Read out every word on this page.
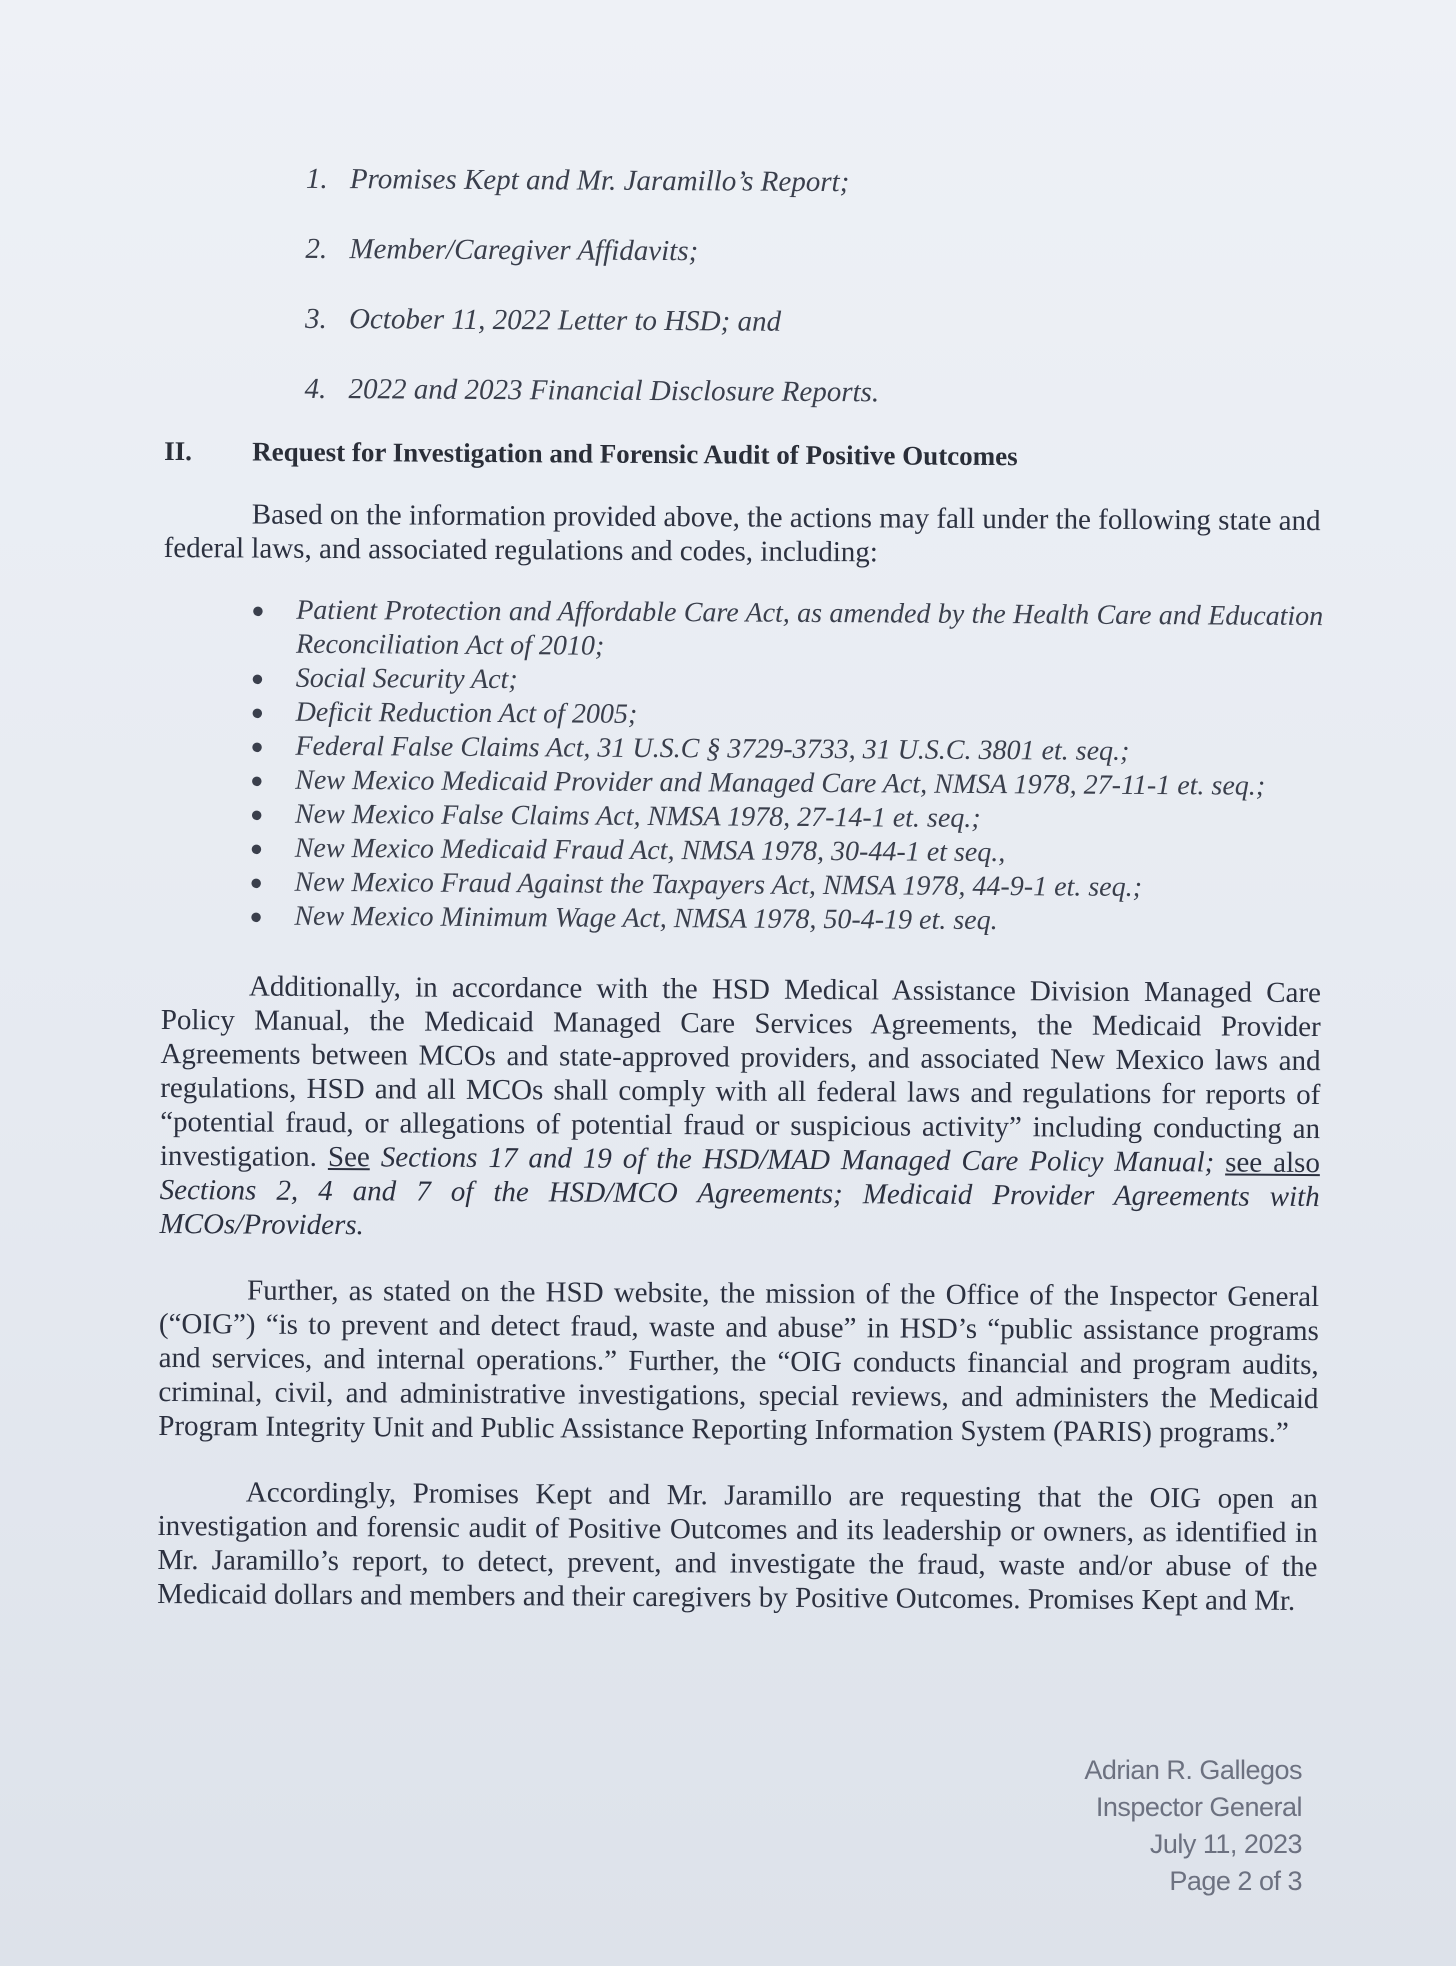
1. Promises Kept and Mr. Jaramillo’s Report;
2. Member/Caregiver Affidavits;
3. October 11, 2022 Letter to HSD; and
4. 2022 and 2023 Financial Disclosure Reports.
II.	Request for Investigation and Forensic Audit of Positive Outcomes

Based on the information provided above, the actions may fall under the following state and federal laws, and associated regulations and codes, including:

● Patient Protection and Affordable Care Act, as amended by the Health Care and Education Reconciliation Act of 2010;
● Social Security Act;
● Deficit Reduction Act of 2005;
● Federal False Claims Act, 31 U.S.C § 3729-3733, 31 U.S.C. 3801 et. seq.;
● New Mexico Medicaid Provider and Managed Care Act, NMSA 1978, 27-11-1 et. seq.;
● New Mexico False Claims Act, NMSA 1978, 27-14-1 et. seq.;
● New Mexico Medicaid Fraud Act, NMSA 1978, 30-44-1 et seq.,
● New Mexico Fraud Against the Taxpayers Act, NMSA 1978, 44-9-1 et. seq.;
● New Mexico Minimum Wage Act, NMSA 1978, 50-4-19 et. seq.

Additionally, in accordance with the HSD Medical Assistance Division Managed Care Policy Manual, the Medicaid Managed Care Services Agreements, the Medicaid Provider Agreements between MCOs and state-approved providers, and associated New Mexico laws and regulations, HSD and all MCOs shall comply with all federal laws and regulations for reports of “potential fraud, or allegations of potential fraud or suspicious activity” including conducting an investigation. See Sections 17 and 19 of the HSD/MAD Managed Care Policy Manual; see also Sections 2, 4 and 7 of the HSD/MCO Agreements; Medicaid Provider Agreements with MCOs/Providers.

Further, as stated on the HSD website, the mission of the Office of the Inspector General (“OIG”) “is to prevent and detect fraud, waste and abuse” in HSD’s “public assistance programs and services, and internal operations.” Further, the “OIG conducts financial and program audits, criminal, civil, and administrative investigations, special reviews, and administers the Medicaid Program Integrity Unit and Public Assistance Reporting Information System (PARIS) programs.”

Accordingly, Promises Kept and Mr. Jaramillo are requesting that the OIG open an investigation and forensic audit of Positive Outcomes and its leadership or owners, as identified in Mr. Jaramillo’s report, to detect, prevent, and investigate the fraud, waste and/or abuse of the Medicaid dollars and members and their caregivers by Positive Outcomes. Promises Kept and Mr.

Adrian R. Gallegos
Inspector General
July 11, 2023
Page 2 of 3
